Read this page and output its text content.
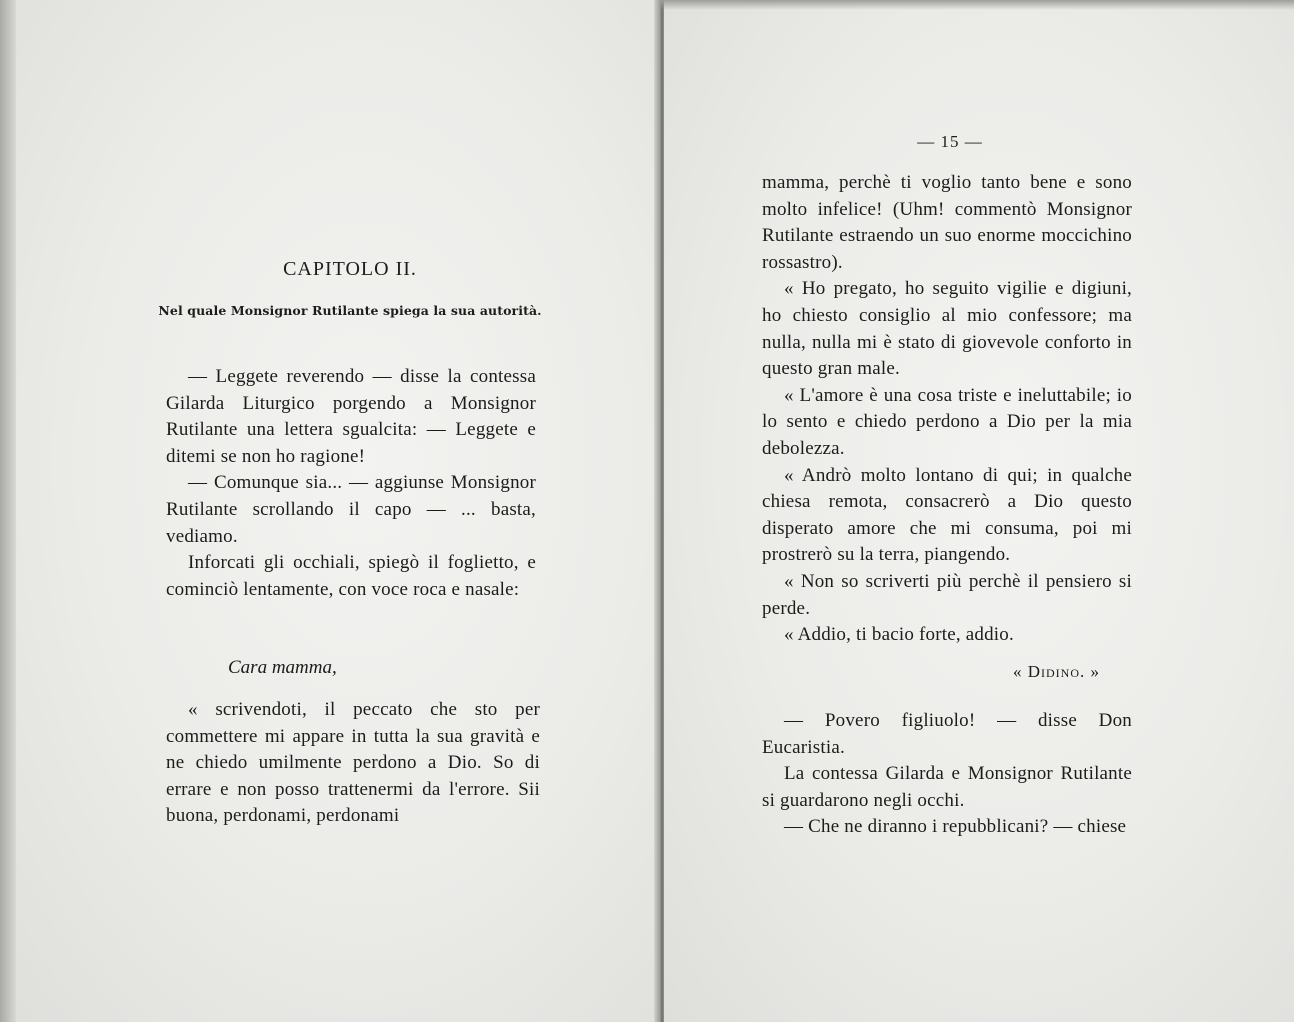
CAPITOLO II.
Nel quale Monsignor Rutilante spiega la sua autorità.

— Leggete reverendo — disse la contessa Gilarda Liturgico porgendo a Monsignor Rutilante una lettera sgualcita: — Leggete e ditemi se non ho ragione!

— Comunque sia... — aggiunse Monsignor Rutilante scrollando il capo — ... basta, vediamo.

Inforcati gli occhiali, spiegò il foglietto, e cominciò lentamente, con voce roca e nasale:

Cara mamma,

« scrivendoti, il peccato che sto per commettere mi appare in tutta la sua gravità e ne chiedo umilmente perdono a Dio. So di errare e non posso trattenermi da l'errore. Sii buona, perdonami, perdonami

— 15 —

mamma, perchè ti voglio tanto bene e sono molto infelice! (Uhm! commentò Monsignor Rutilante estraendo un suo enorme moccichino rossastro).

« Ho pregato, ho seguito vigilie e digiuni, ho chiesto consiglio al mio confessore; ma nulla, nulla mi è stato di giovevole conforto in questo gran male.

« L'amore è una cosa triste e ineluttabile; io lo sento e chiedo perdono a Dio per la mia debolezza.

« Andrò molto lontano di qui; in qualche chiesa remota, consacrerò a Dio questo disperato amore che mi consuma, poi mi prostrerò su la terra, piangendo.

« Non so scriverti più perchè il pensiero si perde.

« Addio, ti bacio forte, addio.

« Didino. »

— Povero figliuolo! — disse Don Eucaristia.

La contessa Gilarda e Monsignor Rutilante si guardarono negli occhi.

— Che ne diranno i repubblicani? — chiese
